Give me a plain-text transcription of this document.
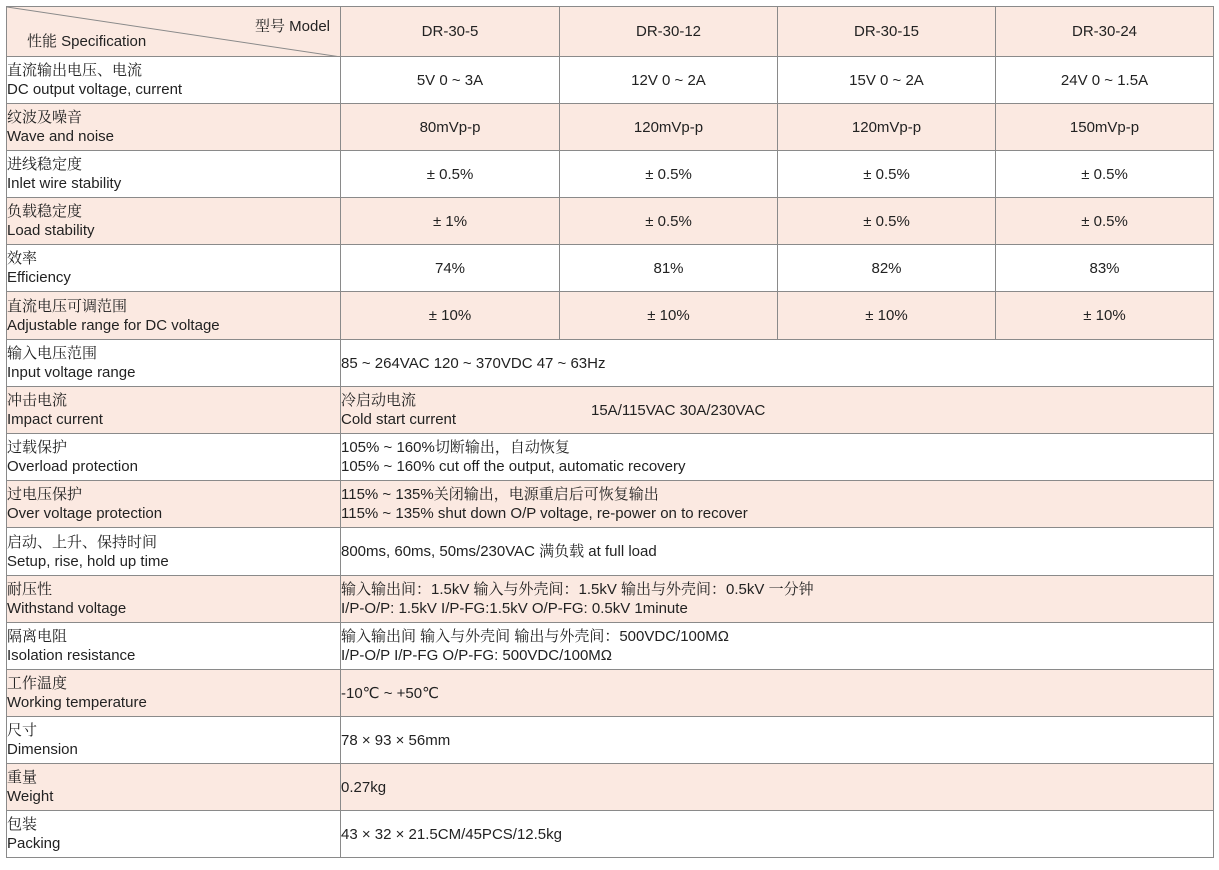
型号 Model
性能 Specification	DR-30-5	DR-30-12	DR-30-15	DR-30-24

直流输出电压、电流
DC output voltage, current	5V 0 ~ 3A	12V 0 ~ 2A	15V 0 ~ 2A	24V 0 ~ 1.5A

纹波及噪音
Wave and noise	80mVp-p	120mVp-p	120mVp-p	150mVp-p

进线稳定度
Inlet wire stability	± 0.5%	± 0.5%	± 0.5%	± 0.5%

负载稳定度
Load stability	± 1%	± 0.5%	± 0.5%	± 0.5%

效率
Efficiency	74%	81%	82%	83%

直流电压可调范围
Adjustable range for DC voltage	± 10%	± 10%	± 10%	± 10%

输入电压范围
Input voltage range	85 ~ 264VAC 120 ~ 370VDC 47 ~ 63Hz			

冲击电流
Impact current	冷启动电流
Cold start current
15A/115VAC 30A/230VAC			

过载保护
Overload protection	105% ~ 160%切断输出，自动恢复
105% ~ 160% cut off the output, automatic recovery			

过电压保护
Over voltage protection	115% ~ 135%关闭输出，电源重启后可恢复输出
115% ~ 135% shut down O/P voltage, re-power on to recover			

启动、上升、保持时间
Setup, rise, hold up time	800ms, 60ms, 50ms/230VAC 满负载 at full load			

耐压性
Withstand voltage	输入输出间：1.5kV 输入与外壳间：1.5kV 输出与外壳间：0.5kV 一分钟
I/P-O/P: 1.5kV I/P-FG:1.5kV O/P-FG: 0.5kV 1minute			

隔离电阻
Isolation resistance	输入输出间 输入与外壳间 输出与外壳间：500VDC/100MΩ
I/P-O/P I/P-FG O/P-FG: 500VDC/100MΩ			

工作温度
Working temperature	-10℃ ~ +50℃			

尺寸
Dimension	78 × 93 × 56mm			

重量
Weight	0.27kg			

包装
Packing	43 × 32 × 21.5CM/45PCS/12.5kg			
